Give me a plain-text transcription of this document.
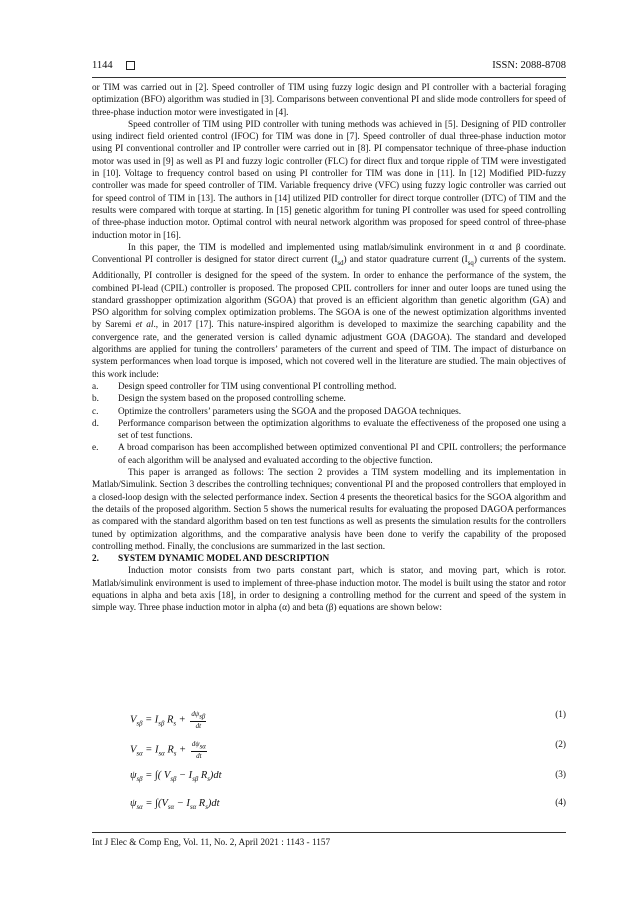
1144	ISSN: 2088-8708

or TIM was carried out in [2]. Speed controller of TIM using fuzzy logic design and PI controller with a bacterial foraging optimization (BFO) algorithm was studied in [3]. Comparisons between conventional PI and slide mode controllers for speed of three-phase induction motor were investigated in [4].

Speed controller of TIM using PID controller with tuning methods was achieved in [5]. Designing of PID controller using indirect field oriented control (IFOC) for TIM was done in [7]. Speed controller of dual three-phase induction motor using PI conventional controller and IP controller were carried out in [8]. PI compensator technique of three-phase induction motor was used in [9] as well as PI and fuzzy logic controller (FLC) for direct flux and torque ripple of TIM were investigated in [10]. Voltage to frequency control based on using PI controller for TIM was done in [11]. In [12] Modified PID-fuzzy controller was made for speed controller of TIM. Variable frequency drive (VFC) using fuzzy logic controller was carried out for speed control of TIM in [13]. The authors in [14] utilized PID controller for direct torque controller (DTC) of TIM and the results were compared with torque at starting. In [15] genetic algorithm for tuning PI controller was used for speed controlling of three-phase induction motor. Optimal control with neural network algorithm was proposed for speed control of three-phase induction motor in [16].

In this paper, the TIM is modelled and implemented using matlab/simulink environment in α and β coordinate. Conventional PI controller is designed for stator direct current $(I_{sd})$ and stator quadrature current $(I_{sq})$ currents of the system. Additionally, PI controller is designed for the speed of the system. In order to enhance the performance of the system, the combined PI-lead (CPIL) controller is proposed. The proposed CPIL controllers for inner and outer loops are tuned using the standard grasshopper optimization algorithm (SGOA) that proved is an efficient algorithm than genetic algorithm (GA) and PSO algorithm for solving complex optimization problems. The SGOA is one of the newest optimization algorithms invented by Saremi et al., in 2017 [17]. This nature-inspired algorithm is developed to maximize the searching capability and the convergence rate, and the generated version is called dynamic adjustment GOA (DAGOA). The standard and developed algorithms are applied for tuning the controllers’ parameters of the current and speed of TIM. The impact of disturbance on system performances when load torque is imposed, which not covered well in the literature are studied. The main objectives of this work include:

a. Design speed controller for TIM using conventional PI controlling method.
b. Design the system based on the proposed controlling scheme.
c. Optimize the controllers’ parameters using the SGOA and the proposed DAGOA techniques.
d. Performance comparison between the optimization algorithms to evaluate the effectiveness of the proposed one using a set of test functions.
e. A broad comparison has been accomplished between optimized conventional PI and CPIL controllers; the performance of each algorithm will be analysed and evaluated according to the objective function.

This paper is arranged as follows: The section 2 provides a TIM system modelling and its implementation in Matlab/Simulink. Section 3 describes the controlling techniques; conventional PI and the proposed controllers that employed in a closed-loop design with the selected performance index. Section 4 presents the theoretical basics for the SGOA algorithm and the details of the proposed algorithm. Section 5 shows the numerical results for evaluating the proposed DAGOA performances as compared with the standard algorithm based on ten test functions as well as presents the simulation results for the controllers tuned by optimization algorithms, and the comparative analysis have been done to verify the capability of the proposed controlling method. Finally, the conclusions are summarized in the last section.

2. SYSTEM DYNAMIC MODEL AND DESCRIPTION

Induction motor consists from two parts constant part, which is stator, and moving part, which is rotor. Matlab/simulink environment is used to implement of three-phase induction motor. The model is built using the stator and rotor equations in alpha and beta axis [18], in order to designing a controlling method for the current and speed of the system in simple way. Three phase induction motor in alpha (α) and beta (β) equations are shown below:

$V_{s\beta} = I_{s\beta}$ $R_s + \frac{d\psi_{s\beta}}{dt}$	(1)
$V_{s\alpha} = I_{s\alpha}$ $R_s + \frac{d\psi_{s\alpha}}{dt}$	(2)
$\psi_{s\beta}$ = ∫( $V_{s\beta} - I_{s\beta}$ $R_s)dt$	(3)
$\psi_{s\alpha} = \int(V_{s\alpha} - I_{s\alpha}$ $R_s)dt$	(4)
Int J Elec & Comp Eng, Vol. 11, No. 2, April 2021 : 1143 - 1157
